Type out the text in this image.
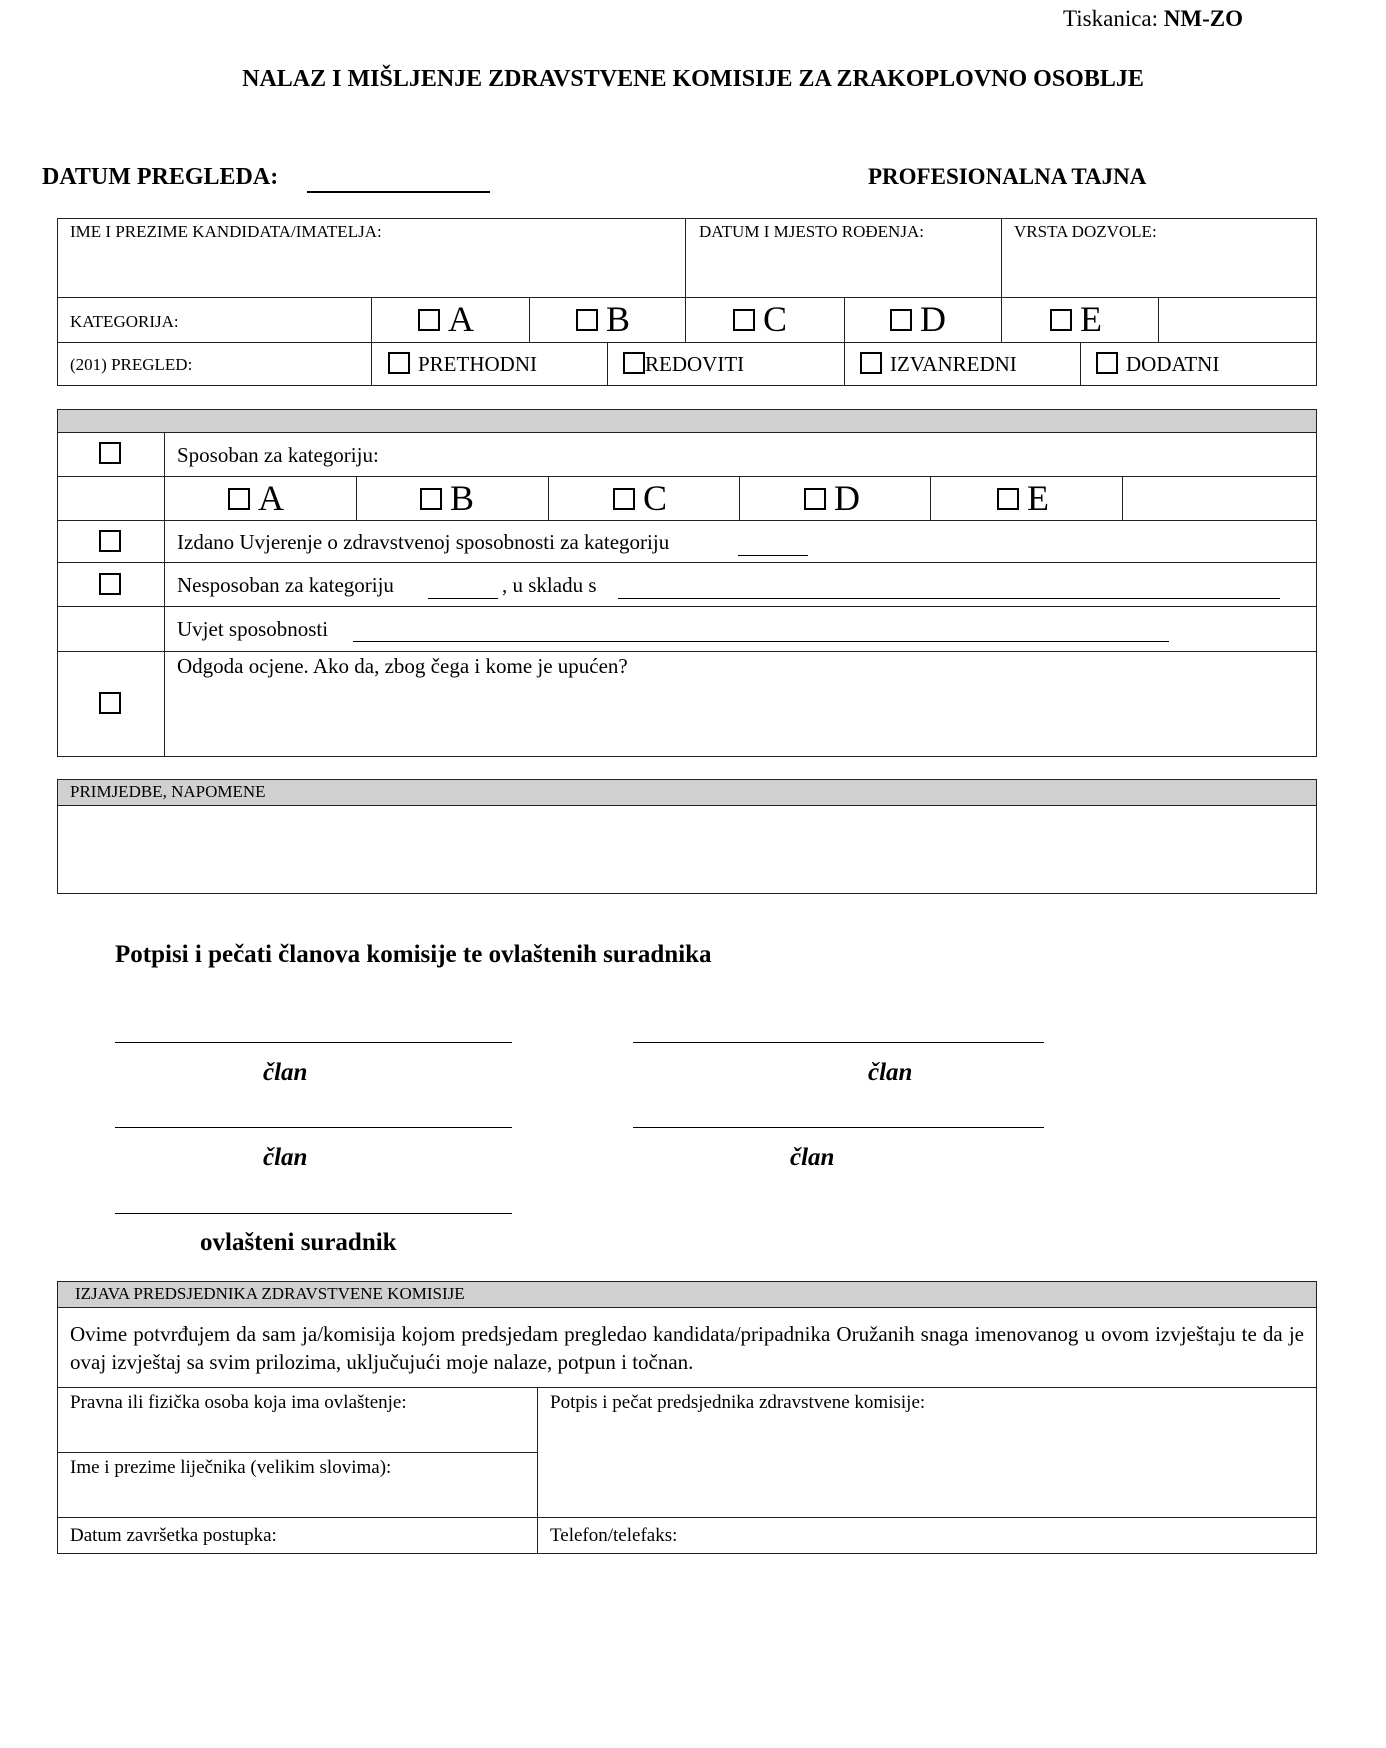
Tiskanica: NM-ZO
NALAZ I MIŠLJENJE ZDRAVSTVENE KOMISIJE ZA ZRAKOPLOVNO OSOBLJE
DATUM PREGLEDA:	PROFESIONALNA TAJNA
IME I PREZIME KANDIDATA/IMATELJA:	DATUM I MJESTO ROĐENJA:	VRSTA DOZVOLE:
KATEGORIJA:	A	B	C	D	E
(201) PREGLED:	PRETHODNI	REDOVITI	IZVANREDNI	DODATNI
Sposoban za kategoriju:
A	B	C	D	E
Izdano Uvjerenje o zdravstvenoj sposobnosti za kategoriju
Nesposoban za kategoriju	, u skladu s
Uvjet sposobnosti
Odgoda ocjene. Ako da, zbog čega i kome je upućen?
PRIMJEDBE, NAPOMENE
Potpisi i pečati članova komisije te ovlaštenih suradnika
član	član
član	član
ovlašteni suradnik
IZJAVA PREDSJEDNIKA ZDRAVSTVENE KOMISIJE
Ovime potvrđujem da sam ja/komisija kojom predsjedam pregledao kandidata/pripadnika Oružanih snaga imenovanog u ovom izvještaju te da je ovaj izvještaj sa svim prilozima, uključujući moje nalaze, potpun i točnan.
Pravna ili fizička osoba koja ima ovlaštenje:	Potpis i pečat predsjednika zdravstvene komisije:
Ime i prezime liječnika (velikim slovima):
Datum završetka postupka:	Telefon/telefaks:
